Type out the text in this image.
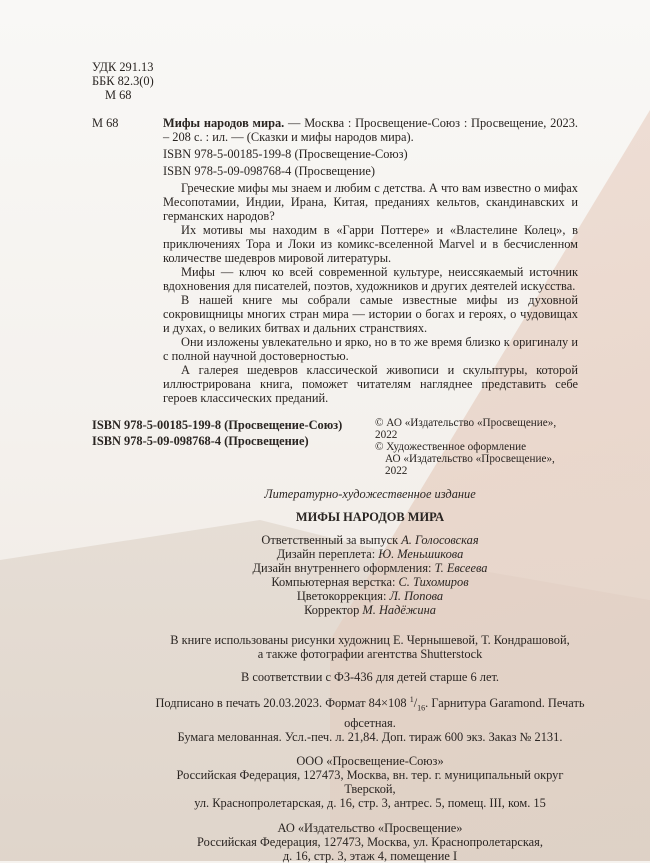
УДК 291.13
ББК 82.3(0)
М 68
М 68	Мифы народов мира. — Москва : Просвещение-Союз : Просвещение, 2023. – 208 с. : ил. — (Сказки и мифы народов мира).

ISBN 978-5-00185-199-8 (Просвещение-Союз)

ISBN 978-5-09-098768-4 (Просвещение)

Греческие мифы мы знаем и любим с детства. А что вам известно о мифах Месопотамии, Индии, Ирана, Китая, преданиях кельтов, скандинавских и германских народов?

Их мотивы мы находим в «Гарри Поттере» и «Властелине Колец», в приключениях Тора и Локи из комикс-вселенной Marvel и в бесчисленном количестве шедевров мировой литературы.

Мифы — ключ ко всей современной культуре, неиссякаемый источник вдохновения для писателей, поэтов, художников и других деятелей искусства.

В нашей книге мы собрали самые известные мифы из духовной сокровищницы многих стран мира — истории о богах и героях, о чудовищах и духах, о великих битвах и дальних странствиях.

Они изложены увлекательно и ярко, но в то же время близко к оригиналу и с полной научной достоверностью.

А галерея шедевров классической живописи и скульптуры, которой иллюстрирована книга, поможет читателям нагляднее представить себе героев классических преданий.

ISBN 978-5-00185-199-8 (Просвещение-Союз)
ISBN 978-5-09-098768-4 (Просвещение)
© АО «Издательство «Просвещение», 2022
© Художественное оформление
АО «Издательство «Просвещение», 2022

Литературно-художественное издание

МИФЫ НАРОДОВ МИРА

Ответственный за выпуск А. Голосовская

Дизайн переплета: Ю. Меньшикова

Дизайн внутреннего оформления: Т. Евсеева

Компьютерная верстка: С. Тихомиров

Цветокоррекция: Л. Попова

Корректор М. Надёжина

В книге использованы рисунки художниц Е. Чернышевой, Т. Кондрашовой,

а также фотографии агентства Shutterstock

В соответствии с ФЗ-436 для детей старше 6 лет.

Подписано в печать 20.03.2023. Формат 84×108 $^1/_{16}$. Гарнитура Garamond. Печать офсетная.

Бумага мелованная. Усл.-печ. л. 21,84. Доп. тираж 600 экз. Заказ № 2131.

ООО «Просвещение-Союз»

Российская Федерация, 127473, Москва, вн. тер. г. муниципальный округ Тверской,

ул. Краснопролетарская, д. 16, стр. 3, антрес. 5, помещ. III, ком. 15

АО «Издательство «Просвещение»

Российская Федерация, 127473, Москва, ул. Краснопролетарская,

д. 16, стр. 3, этаж 4, помещение I
